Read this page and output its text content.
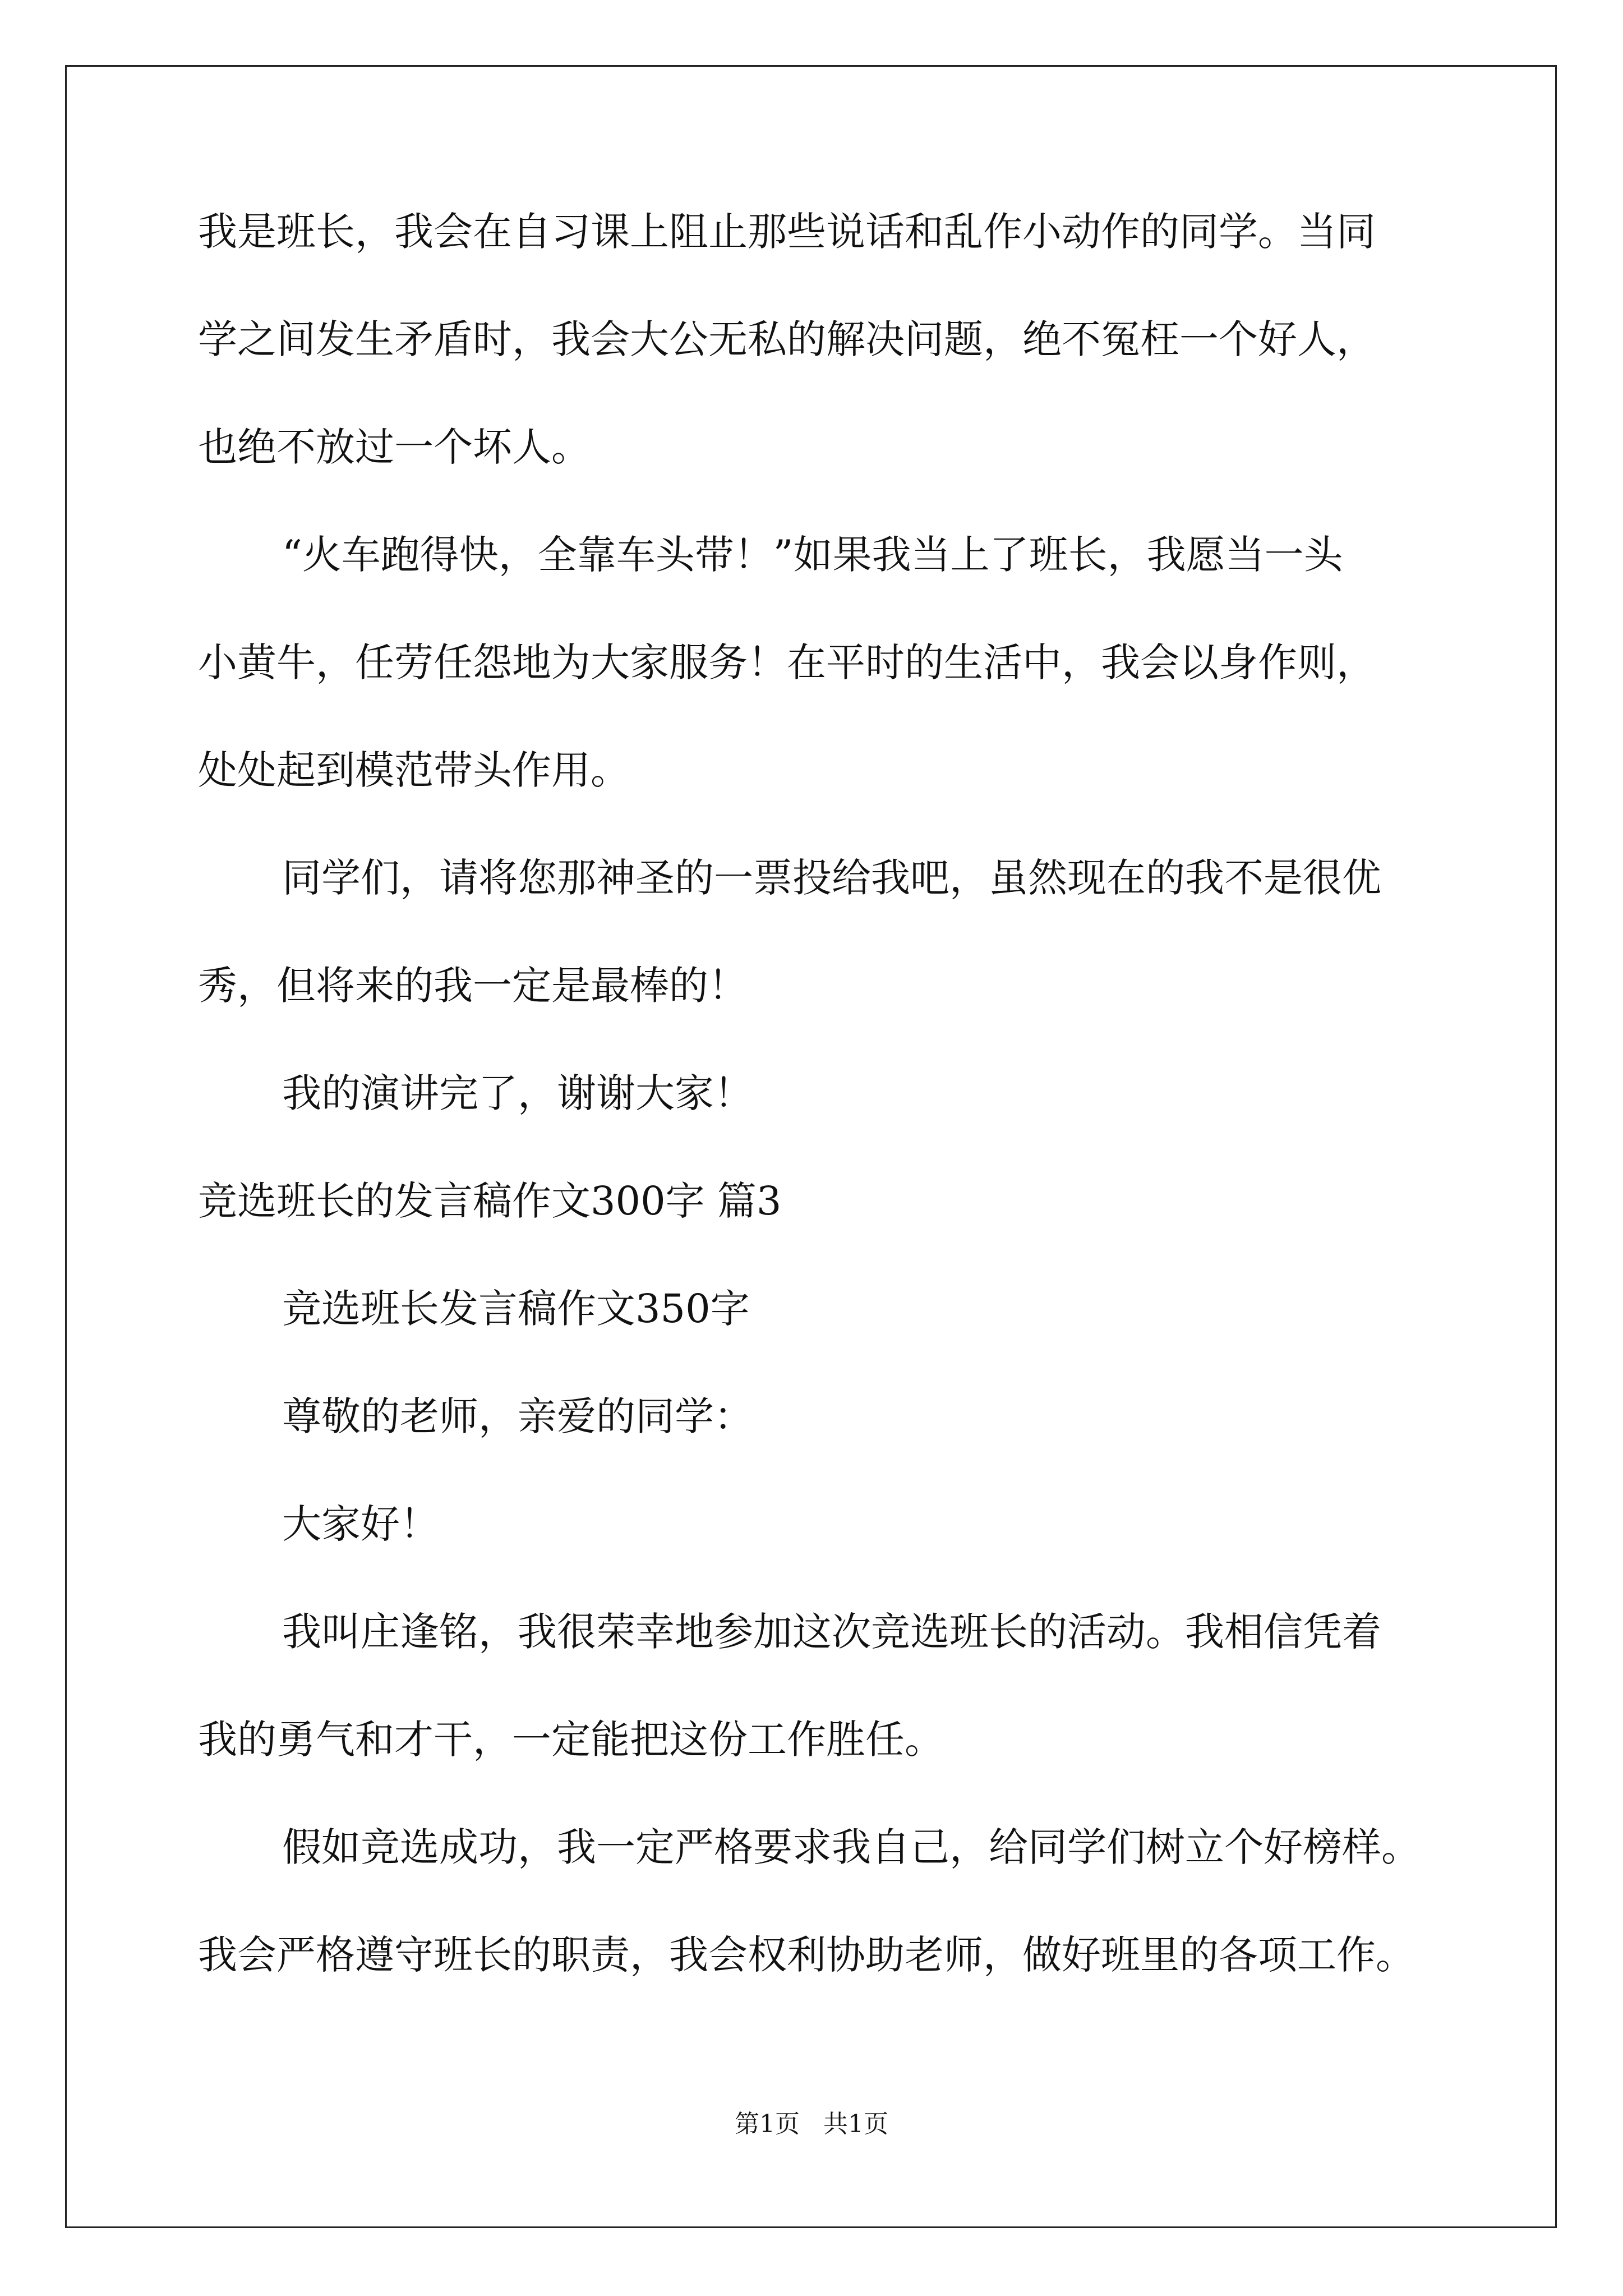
我是班长，我会在自习课上阻止那些说话和乱作小动作的同学。当同
学之间发生矛盾时，我会大公无私的解决问题，绝不冤枉一个好人，
也绝不放过一个坏人。
“火车跑得快，全靠车头带！”如果我当上了班长，我愿当一头
小黄牛，任劳任怨地为大家服务！在平时的生活中，我会以身作则，
处处起到模范带头作用。
同学们，请将您那神圣的一票投给我吧，虽然现在的我不是很优
秀，但将来的我一定是最棒的！
我的演讲完了，谢谢大家！
竞选班长的发言稿作文300字 篇3
竞选班长发言稿作文350字
尊敬的老师，亲爱的同学：
大家好！
我叫庄逢铭，我很荣幸地参加这次竞选班长的活动。我相信凭着
我的勇气和才干，一定能把这份工作胜任。
假如竞选成功，我一定严格要求我自己，给同学们树立个好榜样。
我会严格遵守班长的职责，我会权利协助老师，做好班里的各项工作。
第1页   共1页
